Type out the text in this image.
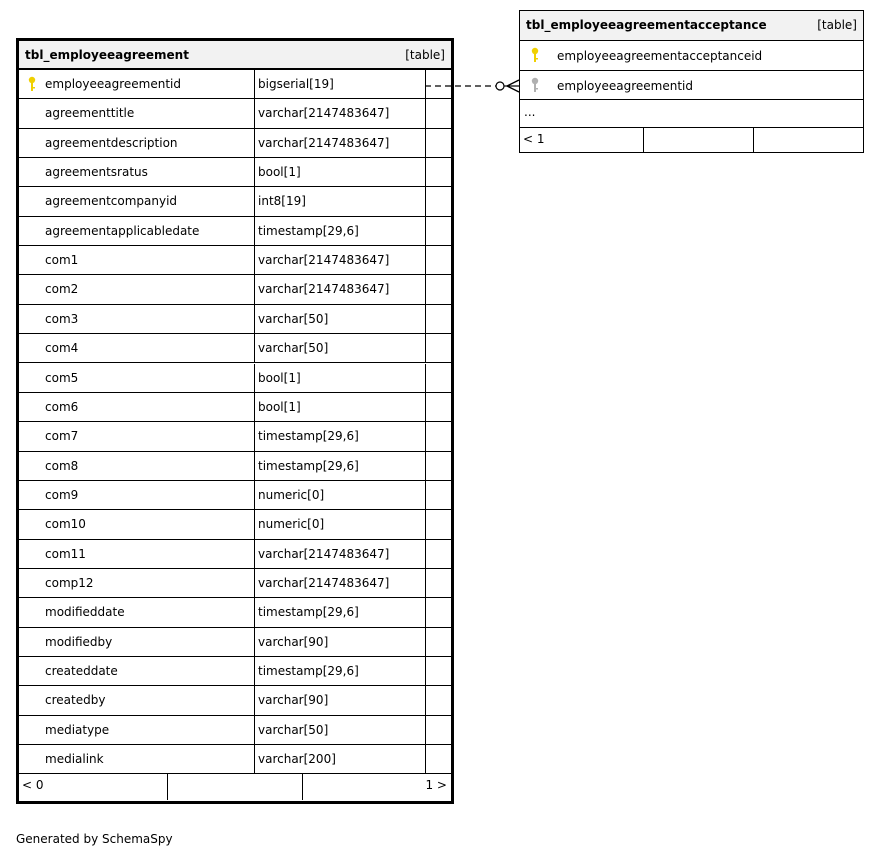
tbl_employeeagreement	[table]
employeeagreementid	bigserial[19]
agreementtitle	varchar[2147483647]
agreementdescription	varchar[2147483647]
agreementsratus	bool[1]
agreementcompanyid	int8[19]
agreementapplicabledate	timestamp[29,6]
com1	varchar[2147483647]
com2	varchar[2147483647]
com3	varchar[50]
com4	varchar[50]
com5	bool[1]
com6	bool[1]
com7	timestamp[29,6]
com8	timestamp[29,6]
com9	numeric[0]
com10	numeric[0]
com11	varchar[2147483647]
comp12	varchar[2147483647]
modifieddate	timestamp[29,6]
modifiedby	varchar[90]
createddate	timestamp[29,6]
createdby	varchar[90]
mediatype	varchar[50]
medialink	varchar[200]
< 0	1 >
tbl_employeeagreementacceptance	[table]
employeeagreementacceptanceid
employeeagreementid
...
< 1
Generated by SchemaSpy
